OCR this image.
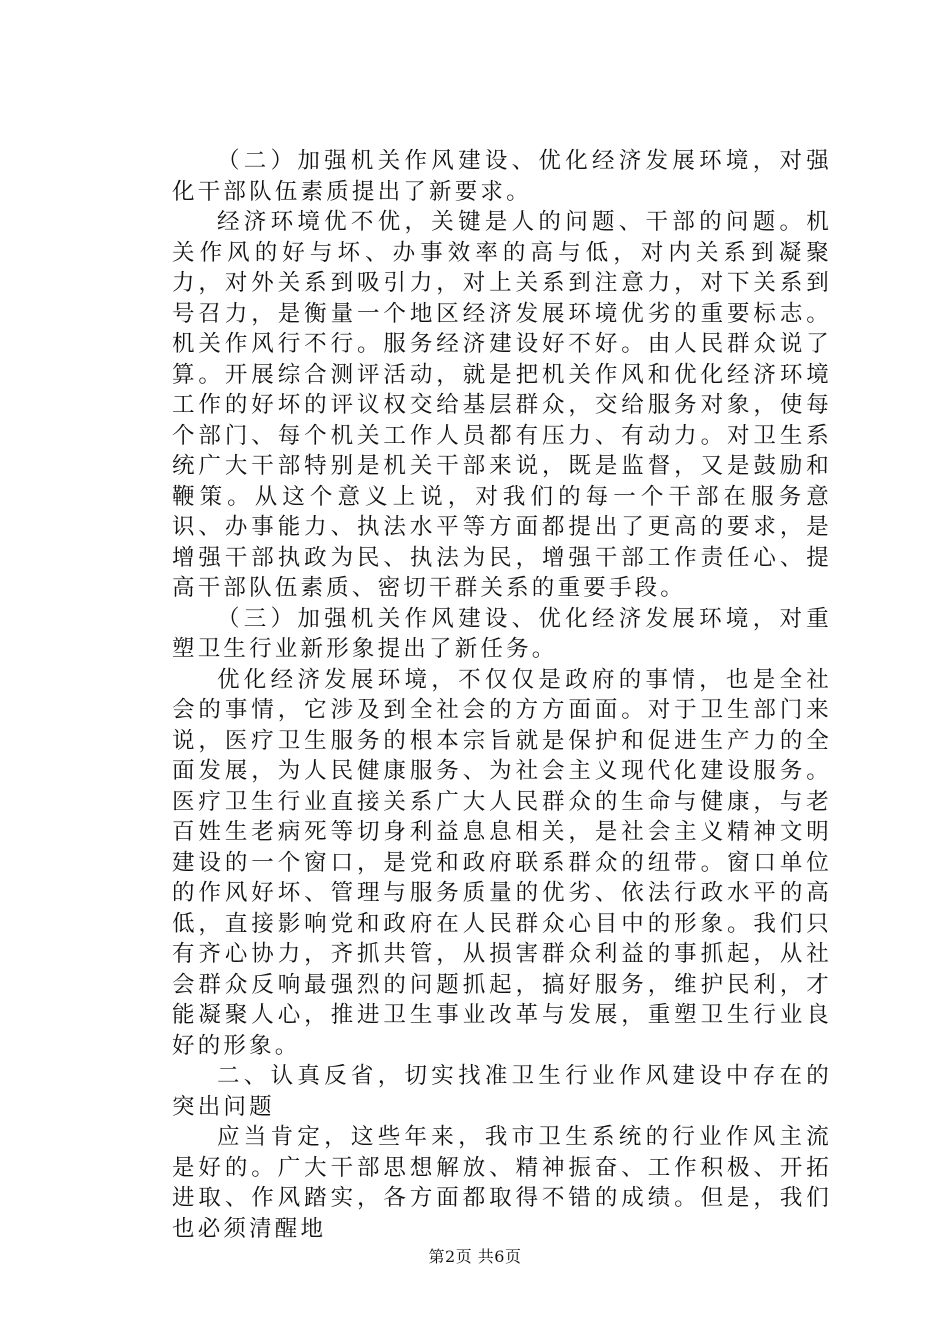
（二）加强机关作风建设、优化经济发展环境，对强化干部队伍素质提出了新要求。

经济环境优不优，关键是人的问题、干部的问题。机关作风的好与坏、办事效率的高与低，对内关系到凝聚力，对外关系到吸引力，对上关系到注意力，对下关系到号召力，是衡量一个地区经济发展环境优劣的重要标志。机关作风行不行。服务经济建设好不好。由人民群众说了算。开展综合测评活动，就是把机关作风和优化经济环境工作的好坏的评议权交给基层群众，交给服务对象，使每个部门、每个机关工作人员都有压力、有动力。对卫生系统广大干部特别是机关干部来说，既是监督，又是鼓励和鞭策。从这个意义上说，对我们的每一个干部在服务意识、办事能力、执法水平等方面都提出了更高的要求，是增强干部执政为民、执法为民，增强干部工作责任心、提高干部队伍素质、密切干群关系的重要手段。

（三）加强机关作风建设、优化经济发展环境，对重塑卫生行业新形象提出了新任务。

优化经济发展环境，不仅仅是政府的事情，也是全社会的事情，它涉及到全社会的方方面面。对于卫生部门来说，医疗卫生服务的根本宗旨就是保护和促进生产力的全面发展，为人民健康服务、为社会主义现代化建设服务。医疗卫生行业直接关系广大人民群众的生命与健康，与老百姓生老病死等切身利益息息相关，是社会主义精神文明建设的一个窗口，是党和政府联系群众的纽带。窗口单位的作风好坏、管理与服务质量的优劣、依法行政水平的高低，直接影响党和政府在人民群众心目中的形象。我们只有齐心协力，齐抓共管，从损害群众利益的事抓起，从社会群众反响最强烈的问题抓起，搞好服务，维护民利，才能凝聚人心，推进卫生事业改革与发展，重塑卫生行业良好的形象。

二、认真反省，切实找准卫生行业作风建设中存在的突出问题

应当肯定，这些年来，我市卫生系统的行业作风主流是好的。广大干部思想解放、精神振奋、工作积极、开拓进取、作风踏实，各方面都取得不错的成绩。但是，我们也必须清醒地

第2页 共6页
